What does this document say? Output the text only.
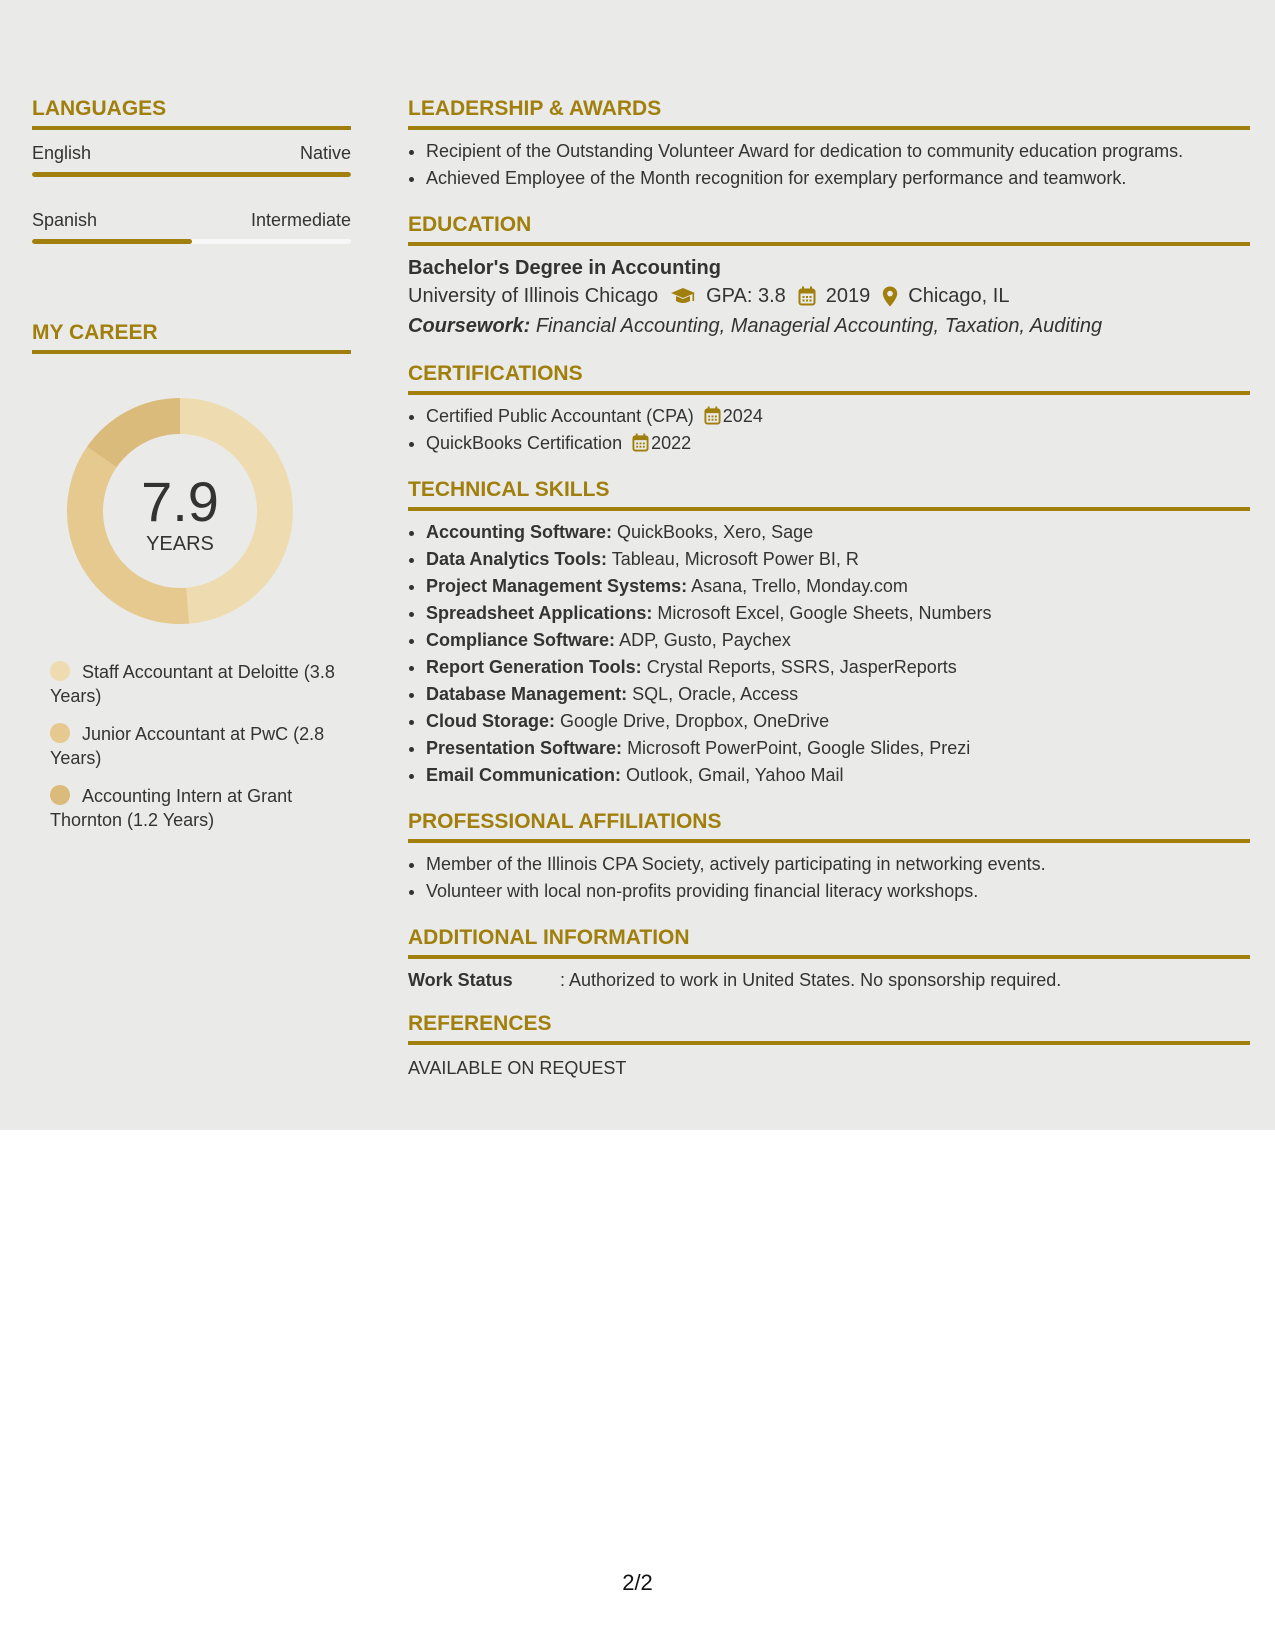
LANGUAGES
English	Native
Spanish	Intermediate
MY CAREER
7.9
YEARS
Staff Accountant at Deloitte (3.8 Years)
Junior Accountant at PwC (2.8 Years)
Accounting Intern at Grant Thornton (1.2 Years)
LEADERSHIP & AWARDS
• Recipient of the Outstanding Volunteer Award for dedication to community education programs.
• Achieved Employee of the Month recognition for exemplary performance and teamwork.
EDUCATION
Bachelor's Degree in Accounting
University of Illinois Chicago GPA: 3.8 2019 Chicago, IL
Coursework: Financial Accounting, Managerial Accounting, Taxation, Auditing
CERTIFICATIONS
• Certified Public Accountant (CPA) 2024
• QuickBooks Certification 2022
TECHNICAL SKILLS
• Accounting Software: QuickBooks, Xero, Sage
• Data Analytics Tools: Tableau, Microsoft Power BI, R
• Project Management Systems: Asana, Trello, Monday.com
• Spreadsheet Applications: Microsoft Excel, Google Sheets, Numbers
• Compliance Software: ADP, Gusto, Paychex
• Report Generation Tools: Crystal Reports, SSRS, JasperReports
• Database Management: SQL, Oracle, Access
• Cloud Storage: Google Drive, Dropbox, OneDrive
• Presentation Software: Microsoft PowerPoint, Google Slides, Prezi
• Email Communication: Outlook, Gmail, Yahoo Mail
PROFESSIONAL AFFILIATIONS
• Member of the Illinois CPA Society, actively participating in networking events.
• Volunteer with local non-profits providing financial literacy workshops.
ADDITIONAL INFORMATION
Work Status	: Authorized to work in United States. No sponsorship required.
REFERENCES
AVAILABLE ON REQUEST
2/2
